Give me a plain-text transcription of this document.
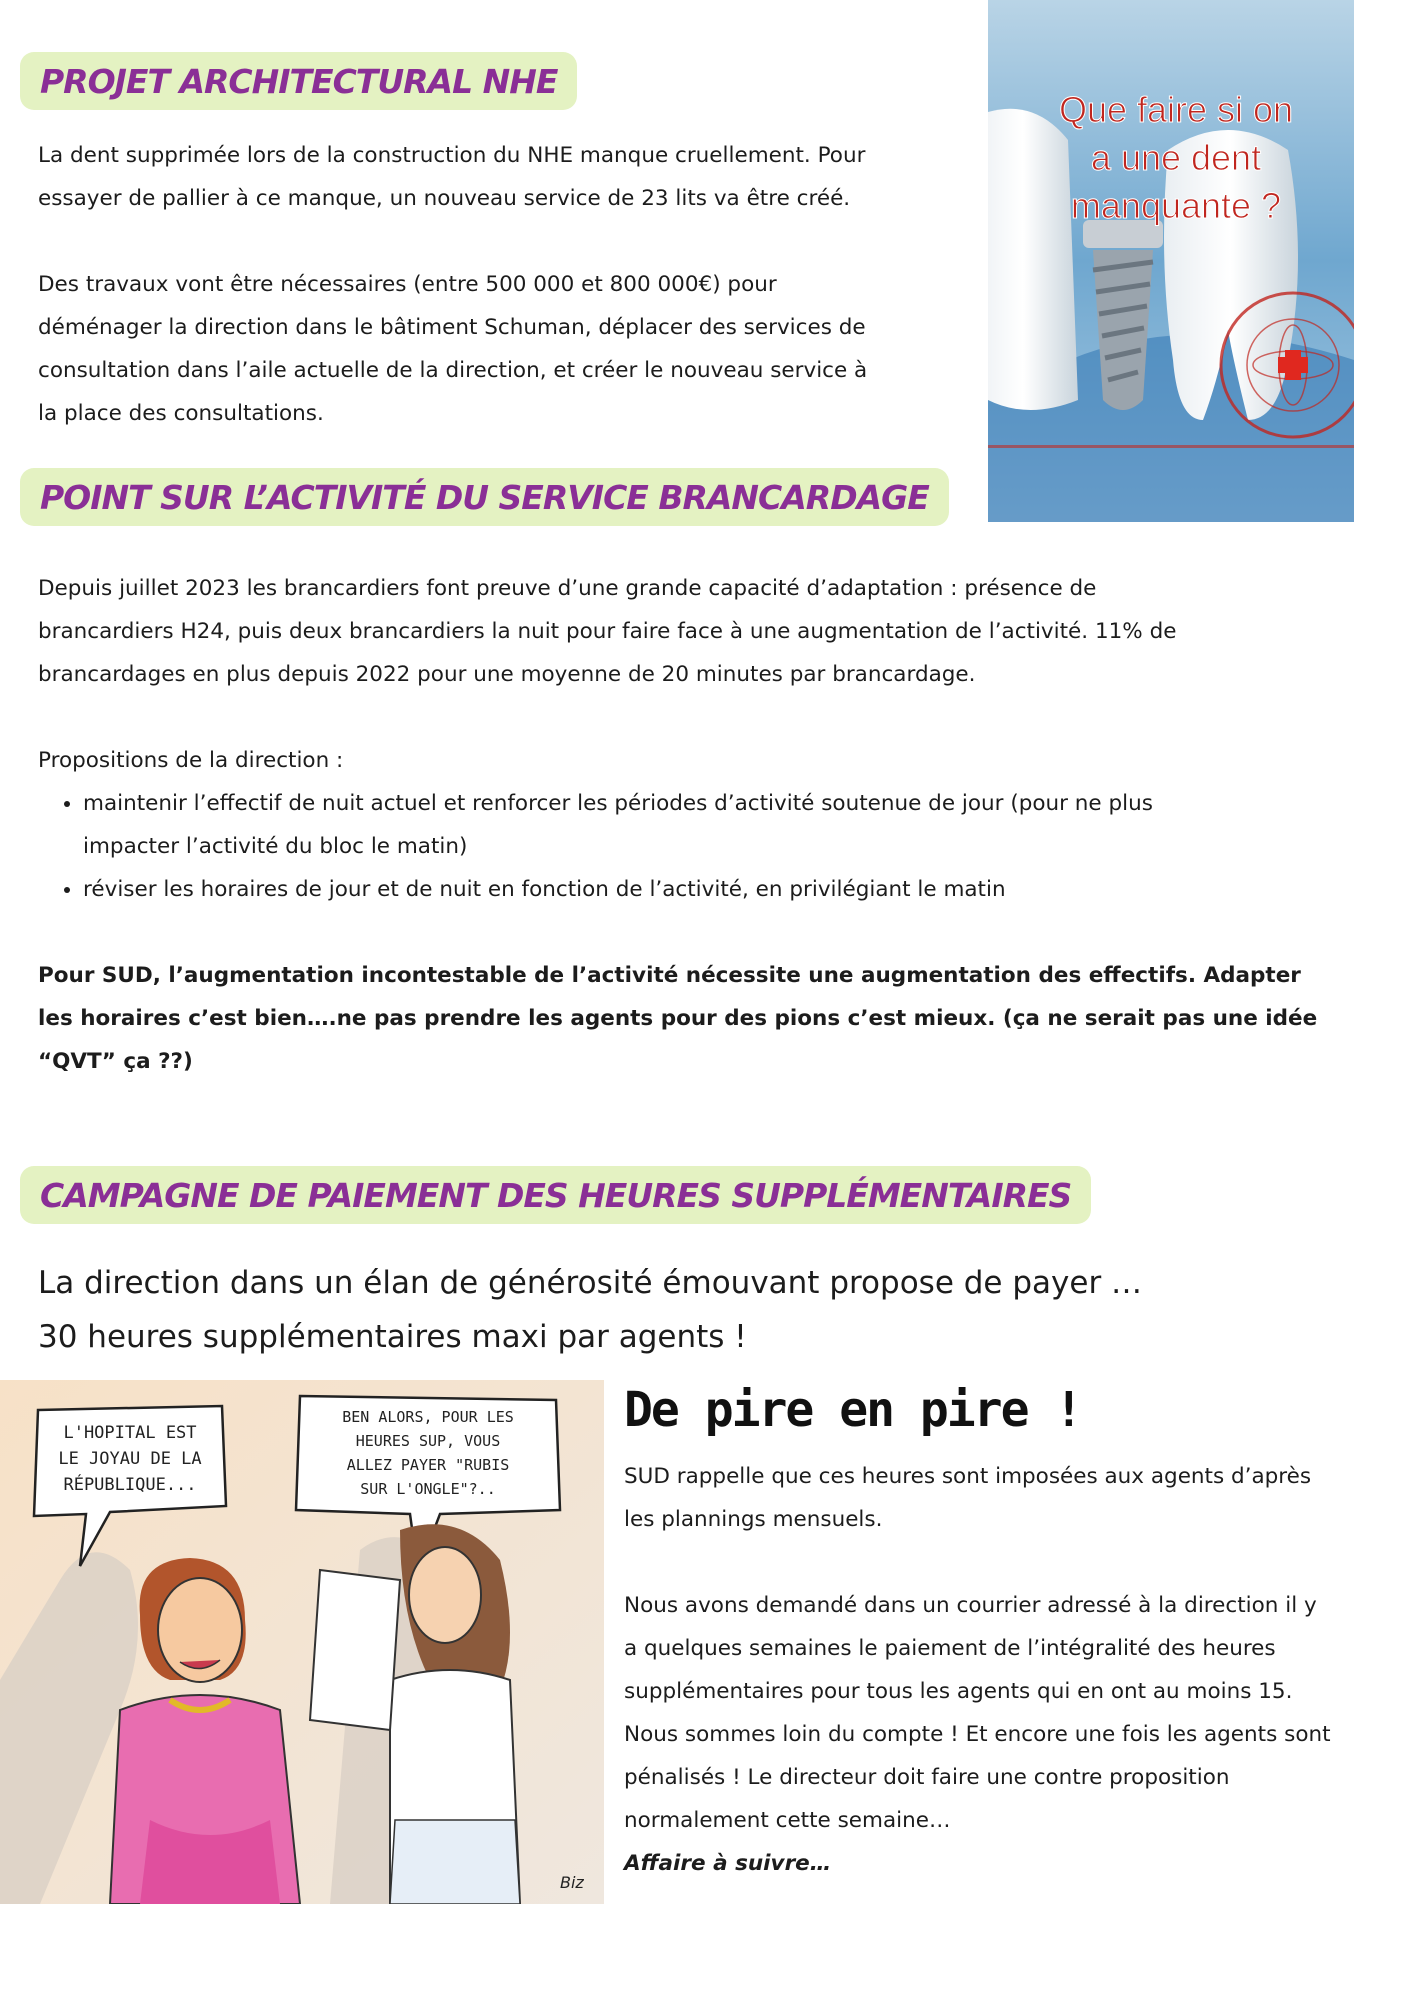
PROJET ARCHITECTURAL NHE

La dent supprimée lors de la construction du NHE manque cruellement. Pour
essayer de pallier à ce manque, un nouveau service de 23 lits va être créé.

Des travaux vont être nécessaires (entre 500 000 et 800 000€) pour
déménager la direction dans le bâtiment Schuman, déplacer des services de
consultation dans l’aile actuelle de la direction, et créer le nouveau service à
la place des consultations.

Que faire si on
a une dent
manquante ?
POINT SUR L’ACTIVITÉ DU SERVICE BRANCARDAGE

Depuis juillet 2023 les brancardiers font preuve d’une grande capacité d’adaptation : présence de
brancardiers H24, puis deux brancardiers la nuit pour faire face à une augmentation de l’activité. 11% de
brancardages en plus depuis 2022 pour une moyenne de 20 minutes par brancardage.

Propositions de la direction :

• maintenir l’effectif de nuit actuel et renforcer les périodes d’activité soutenue de jour (pour ne plus
impacter l’activité du bloc le matin)
• réviser les horaires de jour et de nuit en fonction de l’activité, en privilégiant le matin

Pour SUD, l’augmentation incontestable de l’activité nécessite une augmentation des effectifs. Adapter
les horaires c’est bien….ne pas prendre les agents pour des pions c’est mieux. (ça ne serait pas une idée
“QVT” ça ??)

CAMPAGNE DE PAIEMENT DES HEURES SUPPLÉMENTAIRES

La direction dans un élan de générosité émouvant propose de payer …
30 heures supplémentaires maxi par agents !

L'HOPITAL EST
LE JOYAU DE LA
RÉPUBLIQUE...
BEN ALORS, POUR LES
HEURES SUP, VOUS
ALLEZ PAYER "RUBIS
SUR L'ONGLE"?..
Biz
De pire en pire !

SUD rappelle que ces heures sont imposées aux agents d’après
les plannings mensuels.

Nous avons demandé dans un courrier adressé à la direction il y
a quelques semaines le paiement de l’intégralité des heures
supplémentaires pour tous les agents qui en ont au moins 15.
Nous sommes loin du compte ! Et encore une fois les agents sont
pénalisés ! Le directeur doit faire une contre proposition
normalement cette semaine…
Affaire à suivre…
